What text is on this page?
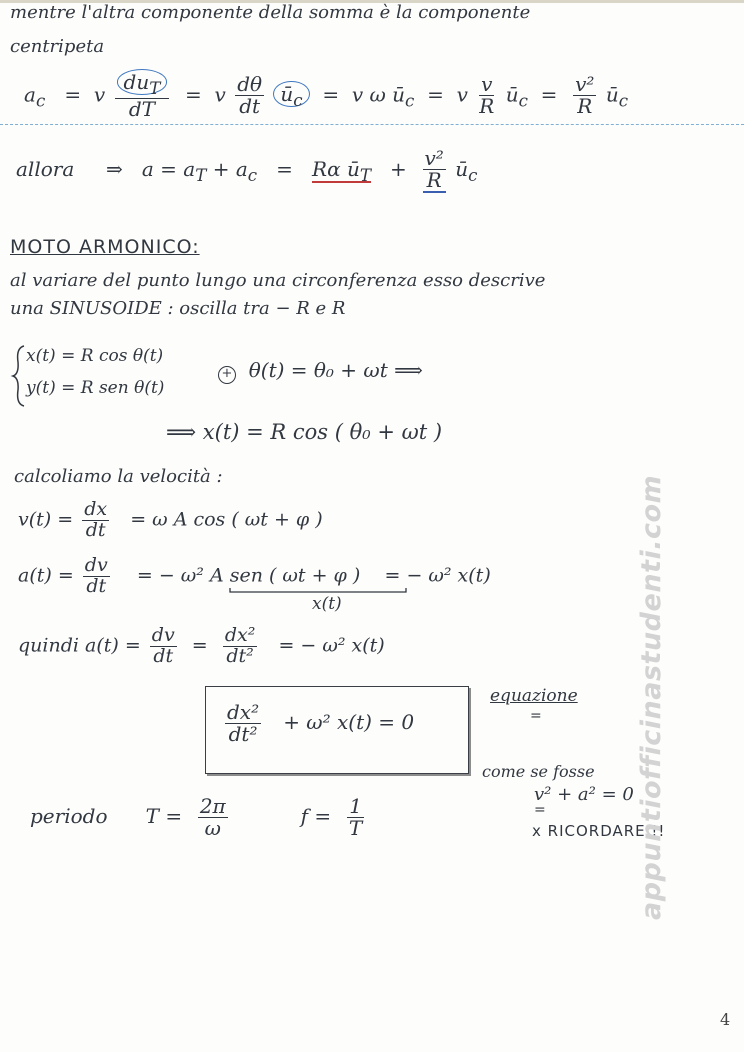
mentre l'altra componente della somma è la componente
centripeta
$a_c = v \frac{du_T}{dT} = v \frac{d\theta}{dt}$ $ū_c = v$ ω $ū_c = v \frac{v}{R}$ $ū_c = \frac{\text{v²}}{R}$ $ū_c$
allora ⇒ $a = a_T + a_c = R\alpha$ $ū_T + \frac{\text{v²}}{R}$ $ū_c$
MOTO ARMONICO:
al variare del punto lungo una circonferenza esso descrive
una SINUSOIDE : oscilla tra − R e R
x(t) = R cos θ(t)
y(t) = R sen θ(t)
+ θ(t) = θ₀ + ωt ⟹
⟹ x(t) = R cos ( θ₀ + ωt )
calcoliamo la velocità :
$v(t) = \frac{dx}{dt} = \omega$ A cos ( ωt + φ )
$a(t) = \frac{dv}{dt}$ = − ω² A sen ( ωt + φ ) = − ω² x(t)
x(t)
quindi $a(t) = \frac{dv}{dt} = \frac{\text{dx²}}{\text{dt²}}$ = − ω² x(t)
$\frac{\text{dx²}}{\text{dt²}} + \omega^2$ x(t) = 0
equazione
=
come se fosse
v² + a² = 0
=
x RICORDARE !!
periodo $T = \frac{2\pi}{\omega}$	$f = \frac{1}{T}$	appuntiofficinastudenti.com
4
